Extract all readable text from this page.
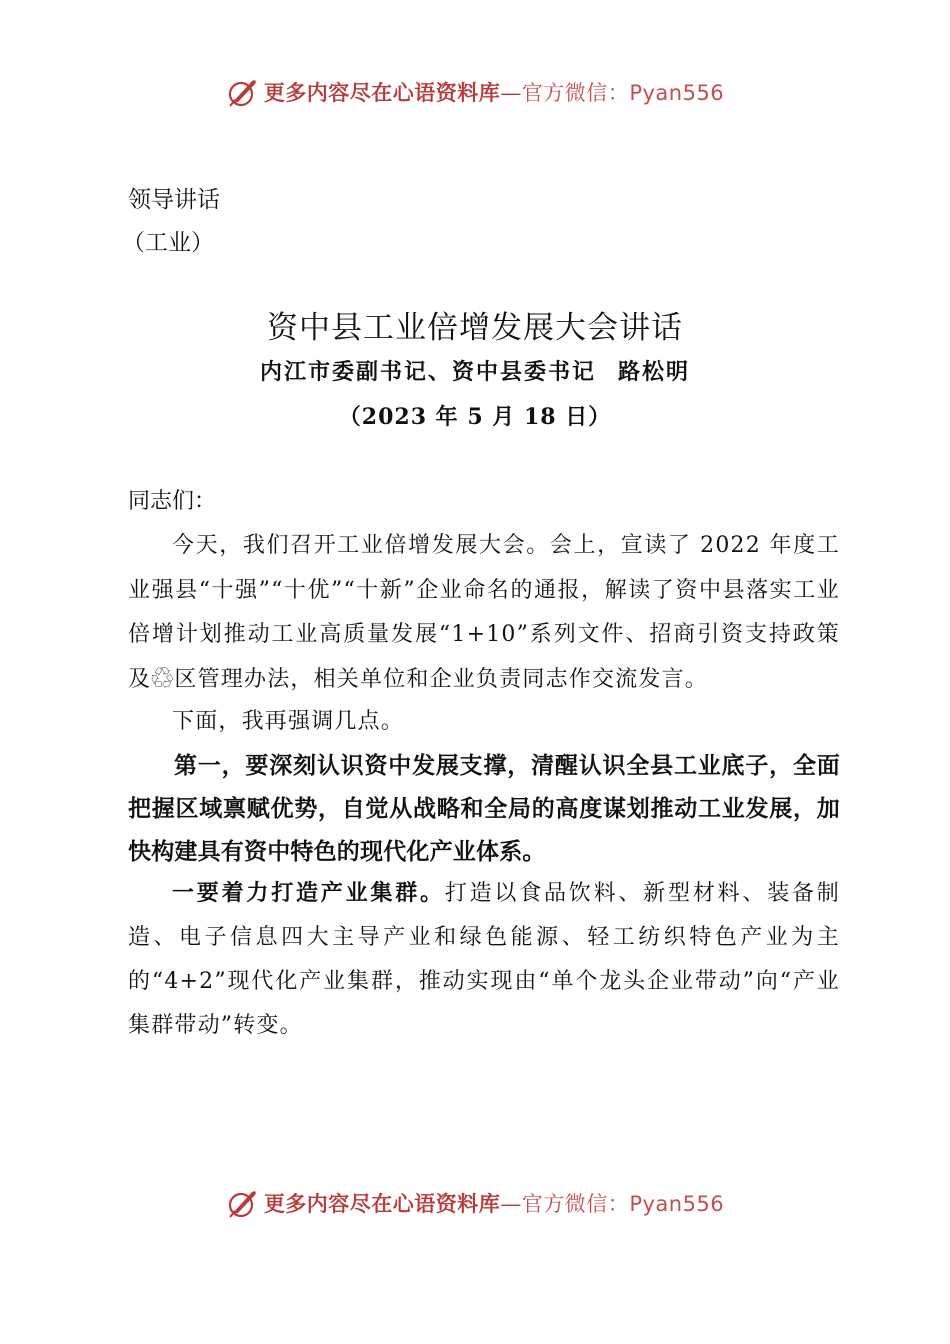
更多内容尽在心语资料库—官方微信：Pyan556
领导讲话
（工业）
资中县工业倍增发展大会讲话
内江市委副书记、资中县委书记 路松明
（2023 年 5 月 18 日）
同志们：

今天，我们召开工业倍增发展大会。会上，宣读了 2022 年度工业强县“十强”“十优”“十新”企业命名的通报，解读了资中县落实工业倍增计划推动工业高质量发展“1+10”系列文件、招商引资支持政策及♲区管理办法，相关单位和企业负责同志作交流发言。

下面，我再强调几点。

第一，要深刻认识资中发展支撑，清醒认识全县工业底子，全面把握区域禀赋优势，自觉从战略和全局的高度谋划推动工业发展，加快构建具有资中特色的现代化产业体系。

一要着力打造产业集群。打造以食品饮料、新型材料、装备制造、电子信息四大主导产业和绿色能源、轻工纺织特色产业为主的“4+2”现代化产业集群，推动实现由“单个龙头企业带动”向“产业集群带动”转变。

更多内容尽在心语资料库—官方微信：Pyan556
